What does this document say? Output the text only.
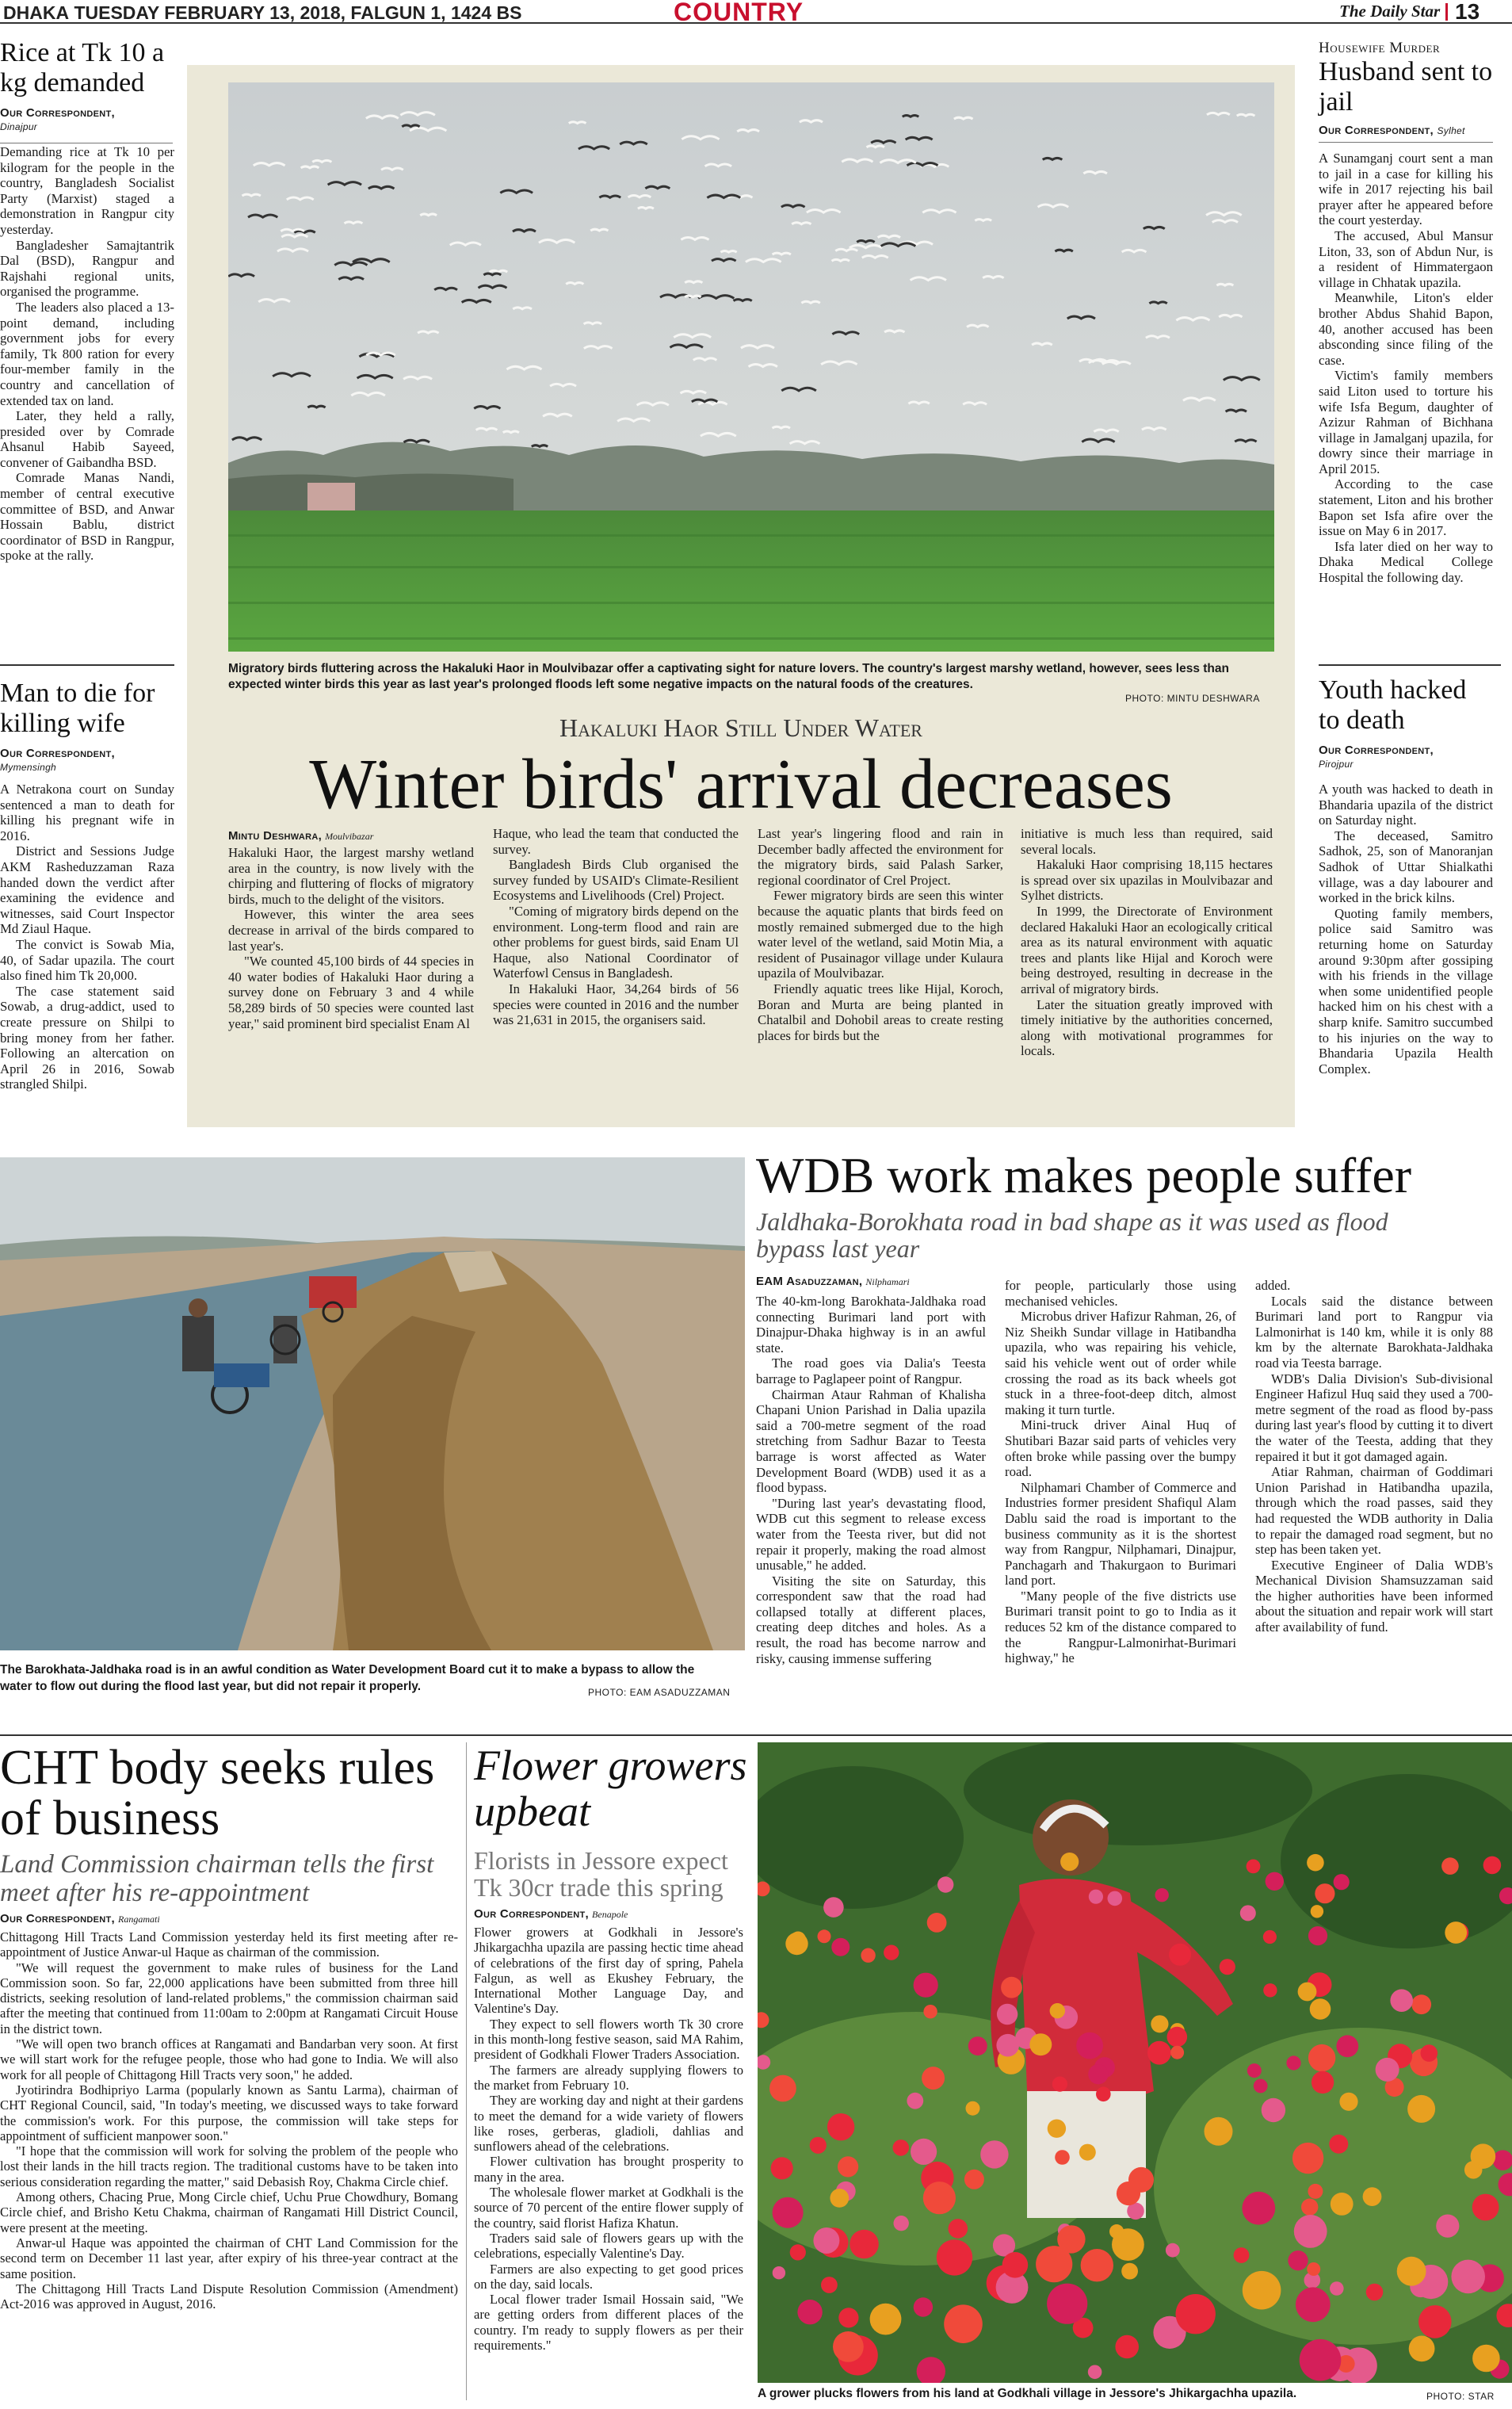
DHAKA TUESDAY FEBRUARY 13, 2018, FALGUN 1, 1424 BS	COUNTRY	The Daily Star 13
Rice at Tk 10 a kg demanded
Our Correspondent,
Dinajpur

Demanding rice at Tk 10 per kilogram for the people in the country, Bangladesh Socialist Party (Marxist) staged a demonstration in Rangpur city yesterday.

Bangladesher Samajtantrik Dal (BSD), Rangpur and Rajshahi regional units, organised the programme.

The leaders also placed a 13-point demand, including government jobs for every family, Tk 800 ration for every four-member family in the country and cancellation of extended tax on land.

Later, they held a rally, presided over by Comrade Ahsanul Habib Sayeed, convener of Gaibandha BSD.

Comrade Manas Nandi, member of central executive committee of BSD, and Anwar Hossain Bablu, district coordinator of BSD in Rangpur, spoke at the rally.

Man to die for killing wife
Our Correspondent,
Mymensingh

A Netrakona court on Sunday sentenced a man to death for killing his pregnant wife in 2016.

District and Sessions Judge AKM Rasheduzzaman Raza handed down the verdict after examining the evidence and witnesses, said Court Inspector Md Ziaul Haque.

The convict is Sowab Mia, 40, of Sadar upazila. The court also fined him Tk 20,000.

The case statement said Sowab, a drug-addict, used to create pressure on Shilpi to bring money from her father. Following an altercation on April 26 in 2016, Sowab strangled Shilpi.

Migratory birds fluttering across the Hakaluki Haor in Moulvibazar offer a captivating sight for nature lovers. The country's largest marshy wetland, however, sees less than expected winter birds this year as last year's prolonged floods left some negative impacts on the natural foods of the creatures.
PHOTO: MINTU DESHWARA
Hakaluki Haor Still Under Water
Winter birds' arrival decreases
Mintu Deshwara, Moulvibazar

Hakaluki Haor, the largest marshy wetland area in the country, is now lively with the chirping and fluttering of flocks of migratory birds, much to the delight of the visitors.

However, this winter the area sees decrease in arrival of the birds compared to last year's.

"We counted 45,100 birds of 44 species in 40 water bodies of Hakaluki Haor during a survey done on February 3 and 4 while 58,289 birds of 50 species were counted last year," said prominent bird specialist Enam Al

Haque, who lead the team that conducted the survey.

Bangladesh Birds Club organised the survey funded by USAID's Climate-Resilient Ecosystems and Livelihoods (Crel) Project.

"Coming of migratory birds depend on the environment. Long-term flood and rain are other problems for guest birds, said Enam Ul Haque, also National Coordinator of Waterfowl Census in Bangladesh.

In Hakaluki Haor, 34,264 birds of 56 species were counted in 2016 and the number was 21,631 in 2015, the organisers said.

Last year's lingering flood and rain in December badly affected the environment for the migratory birds, said Palash Sarker, regional coordinator of Crel Project.

Fewer migratory birds are seen this winter because the aquatic plants that birds feed on mostly remained submerged due to the high water level of the wetland, said Motin Mia, a resident of Pusainagor village under Kulaura upazila of Moulvibazar.

Friendly aquatic trees like Hijal, Koroch, Boran and Murta are being planted in Chatalbil and Dohobil areas to create resting places for birds but the

initiative is much less than required, said several locals.

Hakaluki Haor comprising 18,115 hectares is spread over six upazilas in Moulvibazar and Sylhet districts.

In 1999, the Directorate of Environment declared Hakaluki Haor an ecologically critical area as its natural environment with aquatic trees and plants like Hijal and Koroch were being destroyed, resulting in decrease in the arrival of migratory birds.

Later the situation greatly improved with timely initiative by the authorities concerned, along with motivational programmes for locals.

Housewife Murder
Husband sent to jail
Our Correspondent, Sylhet

A Sunamganj court sent a man to jail in a case for killing his wife in 2017 rejecting his bail prayer after he appeared before the court yesterday.

The accused, Abul Mansur Liton, 33, son of Abdun Nur, is a resident of Himmatergaon village in Chhatak upazila.

Meanwhile, Liton's elder brother Abdus Shahid Bapon, 40, another accused has been absconding since filing of the case.

Victim's family members said Liton used to torture his wife Isfa Begum, daughter of Azizur Rahman of Bichhana village in Jamalganj upazila, for dowry since their marriage in April 2015.

According to the case statement, Liton and his brother Bapon set Isfa afire over the issue on May 6 in 2017.

Isfa later died on her way to Dhaka Medical College Hospital the following day.

Youth hacked to death
Our Correspondent,
Pirojpur

A youth was hacked to death in Bhandaria upazila of the district on Saturday night.

The deceased, Samitro Sadhok, 25, son of Manoranjan Sadhok of Uttar Shialkathi village, was a day labourer and worked in the brick kilns.

Quoting family members, police said Samitro was returning home on Saturday around 9:30pm after gossiping with his friends in the village when some unidentified people hacked him on his chest with a sharp knife. Samitro succumbed to his injuries on the way to Bhandaria Upazila Health Complex.

The Barokhata-Jaldhaka road is in an awful condition as Water Development Board cut it to make a bypass to allow the water to flow out during the flood last year, but did not repair it properly.	PHOTO: EAM ASADUZZAMAN
WDB work makes people suffer
Jaldhaka-Borokhata road in bad shape as it was used as flood bypass last year
EAM Asaduzzaman, Nilphamari

The 40-km-long Barokhata-Jaldhaka road connecting Burimari land port with Dinajpur-Dhaka highway is in an awful state.

The road goes via Dalia's Teesta barrage to Paglapeer point of Rangpur.

Chairman Ataur Rahman of Khalisha Chapani Union Parishad in Dalia upazila said a 700-metre segment of the road stretching from Sadhur Bazar to Teesta barrage is worst affected as Water Development Board (WDB) used it as a flood bypass.

"During last year's devastating flood, WDB cut this segment to release excess water from the Teesta river, but did not repair it properly, making the road almost unusable," he added.

Visiting the site on Saturday, this correspondent saw that the road had collapsed totally at different places, creating deep ditches and holes. As a result, the road has become narrow and risky, causing immense suffering

for people, particularly those using mechanised vehicles.

Microbus driver Hafizur Rahman, 26, of Niz Sheikh Sundar village in Hatibandha upazila, who was repairing his vehicle, said his vehicle went out of order while crossing the road as its back wheels got stuck in a three-foot-deep ditch, almost making it turn turtle.

Mini-truck driver Ainal Huq of Shutibari Bazar said parts of vehicles very often broke while passing over the bumpy road.

Nilphamari Chamber of Commerce and Industries former president Shafiqul Alam Dablu said the road is important to the business community as it is the shortest way from Rangpur, Nilphamari, Dinajpur, Panchagarh and Thakurgaon to Burimari land port.

"Many people of the five districts use Burimari transit point to go to India as it reduces 52 km of the distance compared to the Rangpur-Lalmonirhat-Burimari highway," he

added.

Locals said the distance between Burimari land port to Rangpur via Lalmonirhat is 140 km, while it is only 88 km by the alternate Barokhata-Jaldhaka road via Teesta barrage.

WDB's Dalia Division's Sub-divisional Engineer Hafizul Huq said they used a 700-metre segment of the road as flood by-pass during last year's flood by cutting it to divert the water of the Teesta, adding that they repaired it but it got damaged again.

Atiar Rahman, chairman of Goddimari Union Parishad in Hatibandha upazila, through which the road passes, said they had requested the WDB authority in Dalia to repair the damaged road segment, but no step has been taken yet.

Executive Engineer of Dalia WDB's Mechanical Division Shamsuzzaman said the higher authorities have been informed about the situation and repair work will start after availability of fund.

CHT body seeks rules of business
Land Commission chairman tells the first meet after his re-appointment
Our Correspondent, Rangamati

Chittagong Hill Tracts Land Commission yesterday held its first meeting after re-appointment of Justice Anwar-ul Haque as chairman of the commission.

"We will request the government to make rules of business for the Land Commission soon. So far, 22,000 applications have been submitted from three hill districts, seeking resolution of land-related problems," the commission chairman said after the meeting that continued from 11:00am to 2:00pm at Rangamati Circuit House in the district town.

"We will open two branch offices at Rangamati and Bandarban very soon. At first we will start work for the refugee people, those who had gone to India. We will also work for all people of Chittagong Hill Tracts very soon," he added.

Jyotirindra Bodhipriyo Larma (popularly known as Santu Larma), chairman of CHT Regional Council, said, "In today's meeting, we discussed ways to take forward the commission's work. For this purpose, the commission will take steps for appointment of sufficient manpower soon."

"I hope that the commission will work for solving the problem of the people who lost their lands in the hill tracts region. The traditional customs have to be taken into serious consideration regarding the matter," said Debasish Roy, Chakma Circle chief.

Among others, Chacing Prue, Mong Circle chief, Uchu Prue Chowdhury, Bomang Circle chief, and Brisho Ketu Chakma, chairman of Rangamati Hill District Council, were present at the meeting.

Anwar-ul Haque was appointed the chairman of CHT Land Commission for the second term on December 11 last year, after expiry of his three-year contract at the same position.

The Chittagong Hill Tracts Land Dispute Resolution Commission (Amendment) Act-2016 was approved in August, 2016.

Flower growers upbeat
Florists in Jessore expect Tk 30cr trade this spring
Our Correspondent, Benapole

Flower growers at Godkhali in Jessore's Jhikargachha upazila are passing hectic time ahead of celebrations of the first day of spring, Pahela Falgun, as well as Ekushey February, the International Mother Language Day, and Valentine's Day.

They expect to sell flowers worth Tk 30 crore in this month-long festive season, said MA Rahim, president of Godkhali Flower Traders Association.

The farmers are already supplying flowers to the market from February 10.

They are working day and night at their gardens to meet the demand for a wide variety of flowers like roses, gerberas, gladioli, dahlias and sunflowers ahead of the celebrations.

Flower cultivation has brought prosperity to many in the area.

The wholesale flower market at Godkhali is the source of 70 percent of the entire flower supply of the country, said florist Hafiza Khatun.

Traders said sale of flowers gears up with the celebrations, especially Valentine's Day.

Farmers are also expecting to get good prices on the day, said locals.

Local flower trader Ismail Hossain said, "We are getting orders from different places of the country. I'm ready to supply flowers as per their requirements."

A grower plucks flowers from his land at Godkhali village in Jessore's Jhikargachha upazila.	PHOTO: STAR
